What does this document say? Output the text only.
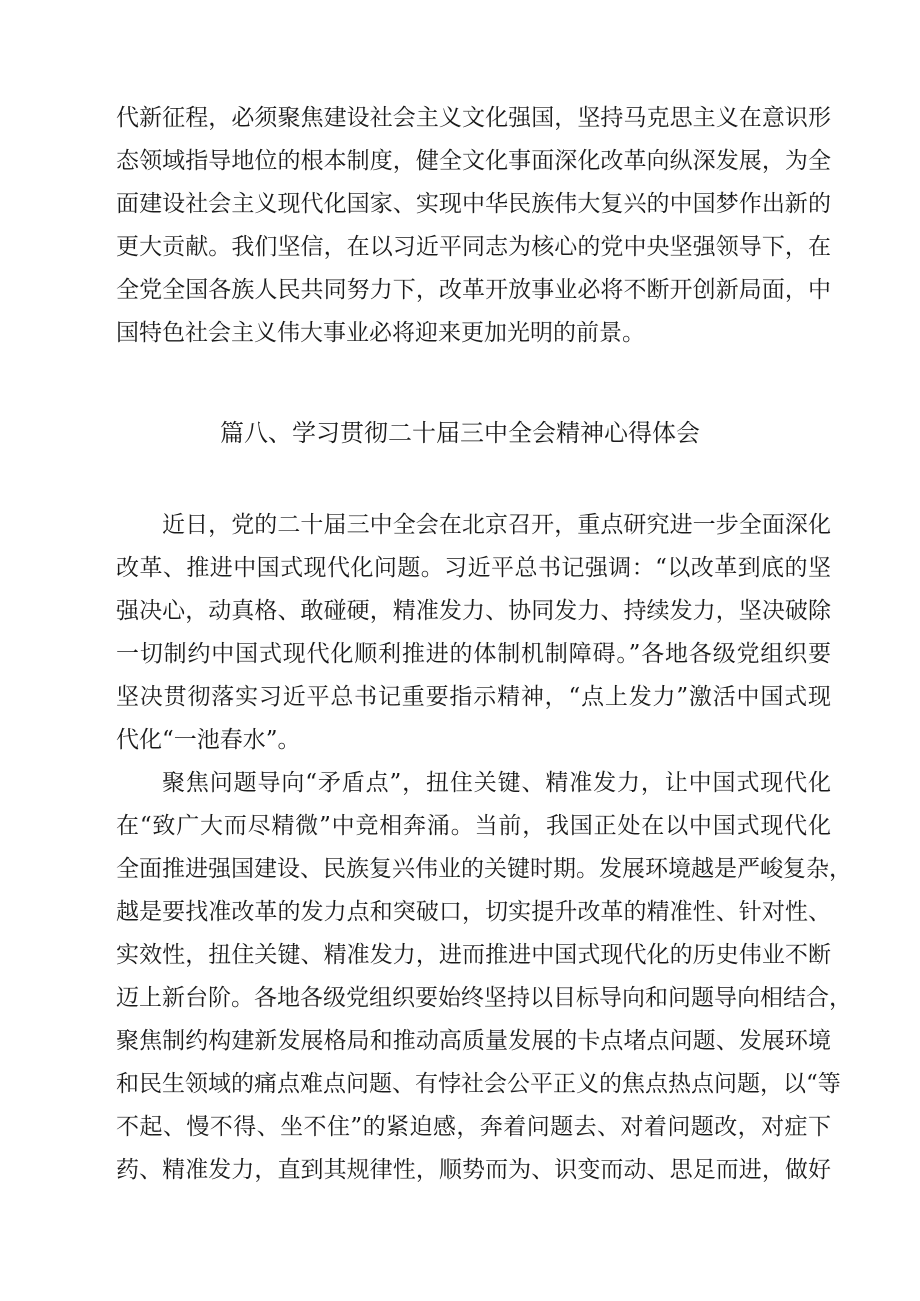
代新征程，必须聚焦建设社会主义文化强国，坚持马克思主义在意识形
态领域指导地位的根本制度，健全文化事面深化改革向纵深发展，为全
面建设社会主义现代化国家、实现中华民族伟大复兴的中国梦作出新的
更大贡献。我们坚信，在以习近平同志为核心的党中央坚强领导下，在
全党全国各族人民共同努力下，改革开放事业必将不断开创新局面，中
国特色社会主义伟大事业必将迎来更加光明的前景。
篇八、学习贯彻二十届三中全会精神心得体会
近日，党的二十届三中全会在北京召开，重点研究进一步全面深化
改革、推进中国式现代化问题。习近平总书记强调：“以改革到底的坚
强决心，动真格、敢碰硬，精准发力、协同发力、持续发力，坚决破除
一切制约中国式现代化顺利推进的体制机制障碍。”各地各级党组织要
坚决贯彻落实习近平总书记重要指示精神，“点上发力”激活中国式现
代化“一池春水”。
聚焦问题导向“矛盾点”，扭住关键、精准发力，让中国式现代化
在“致广大而尽精微”中竞相奔涌。当前，我国正处在以中国式现代化
全面推进强国建设、民族复兴伟业的关键时期。发展环境越是严峻复杂，
越是要找准改革的发力点和突破口，切实提升改革的精准性、针对性、
实效性，扭住关键、精准发力，进而推进中国式现代化的历史伟业不断
迈上新台阶。各地各级党组织要始终坚持以目标导向和问题导向相结合，
聚焦制约构建新发展格局和推动高质量发展的卡点堵点问题、发展环境
和民生领域的痛点难点问题、有悖社会公平正义的焦点热点问题，以“等
不起、慢不得、坐不住”的紧迫感，奔着问题去、对着问题改，对症下
药、精准发力，直到其规律性，顺势而为、识变而动、思足而进，做好
